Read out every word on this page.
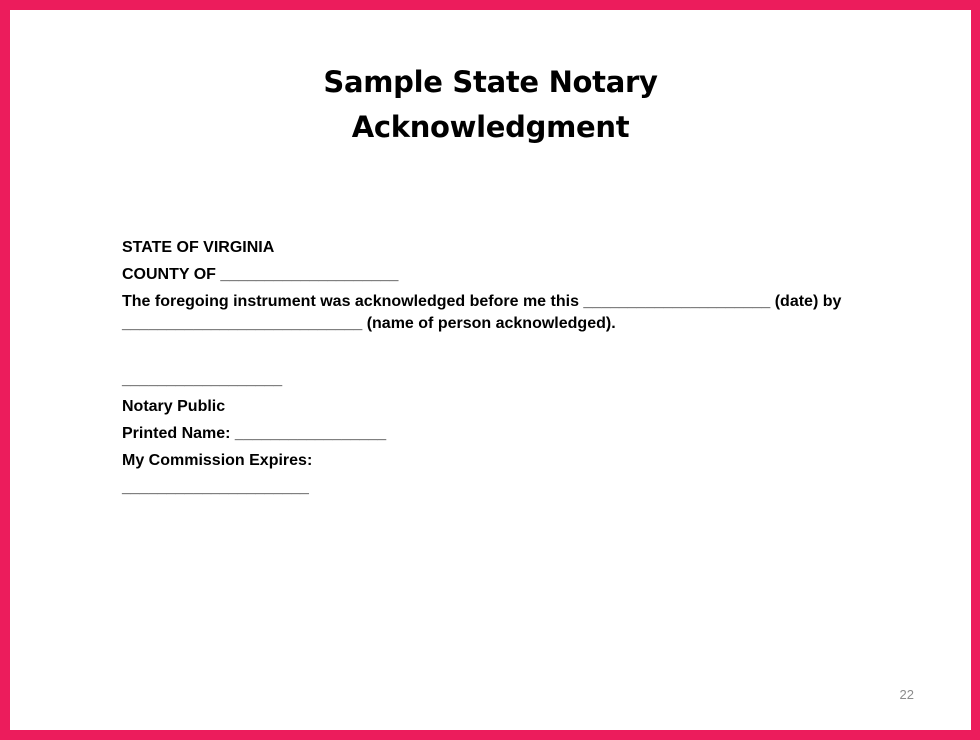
Sample State Notary
Acknowledgment
STATE OF VIRGINIA
COUNTY OF ____________________
The foregoing instrument was acknowledged before me this _____________________ (date) by
___________________________ (name of person acknowledged).
__________________
Notary Public
Printed Name: _________________
My Commission Expires:
_____________________
22
